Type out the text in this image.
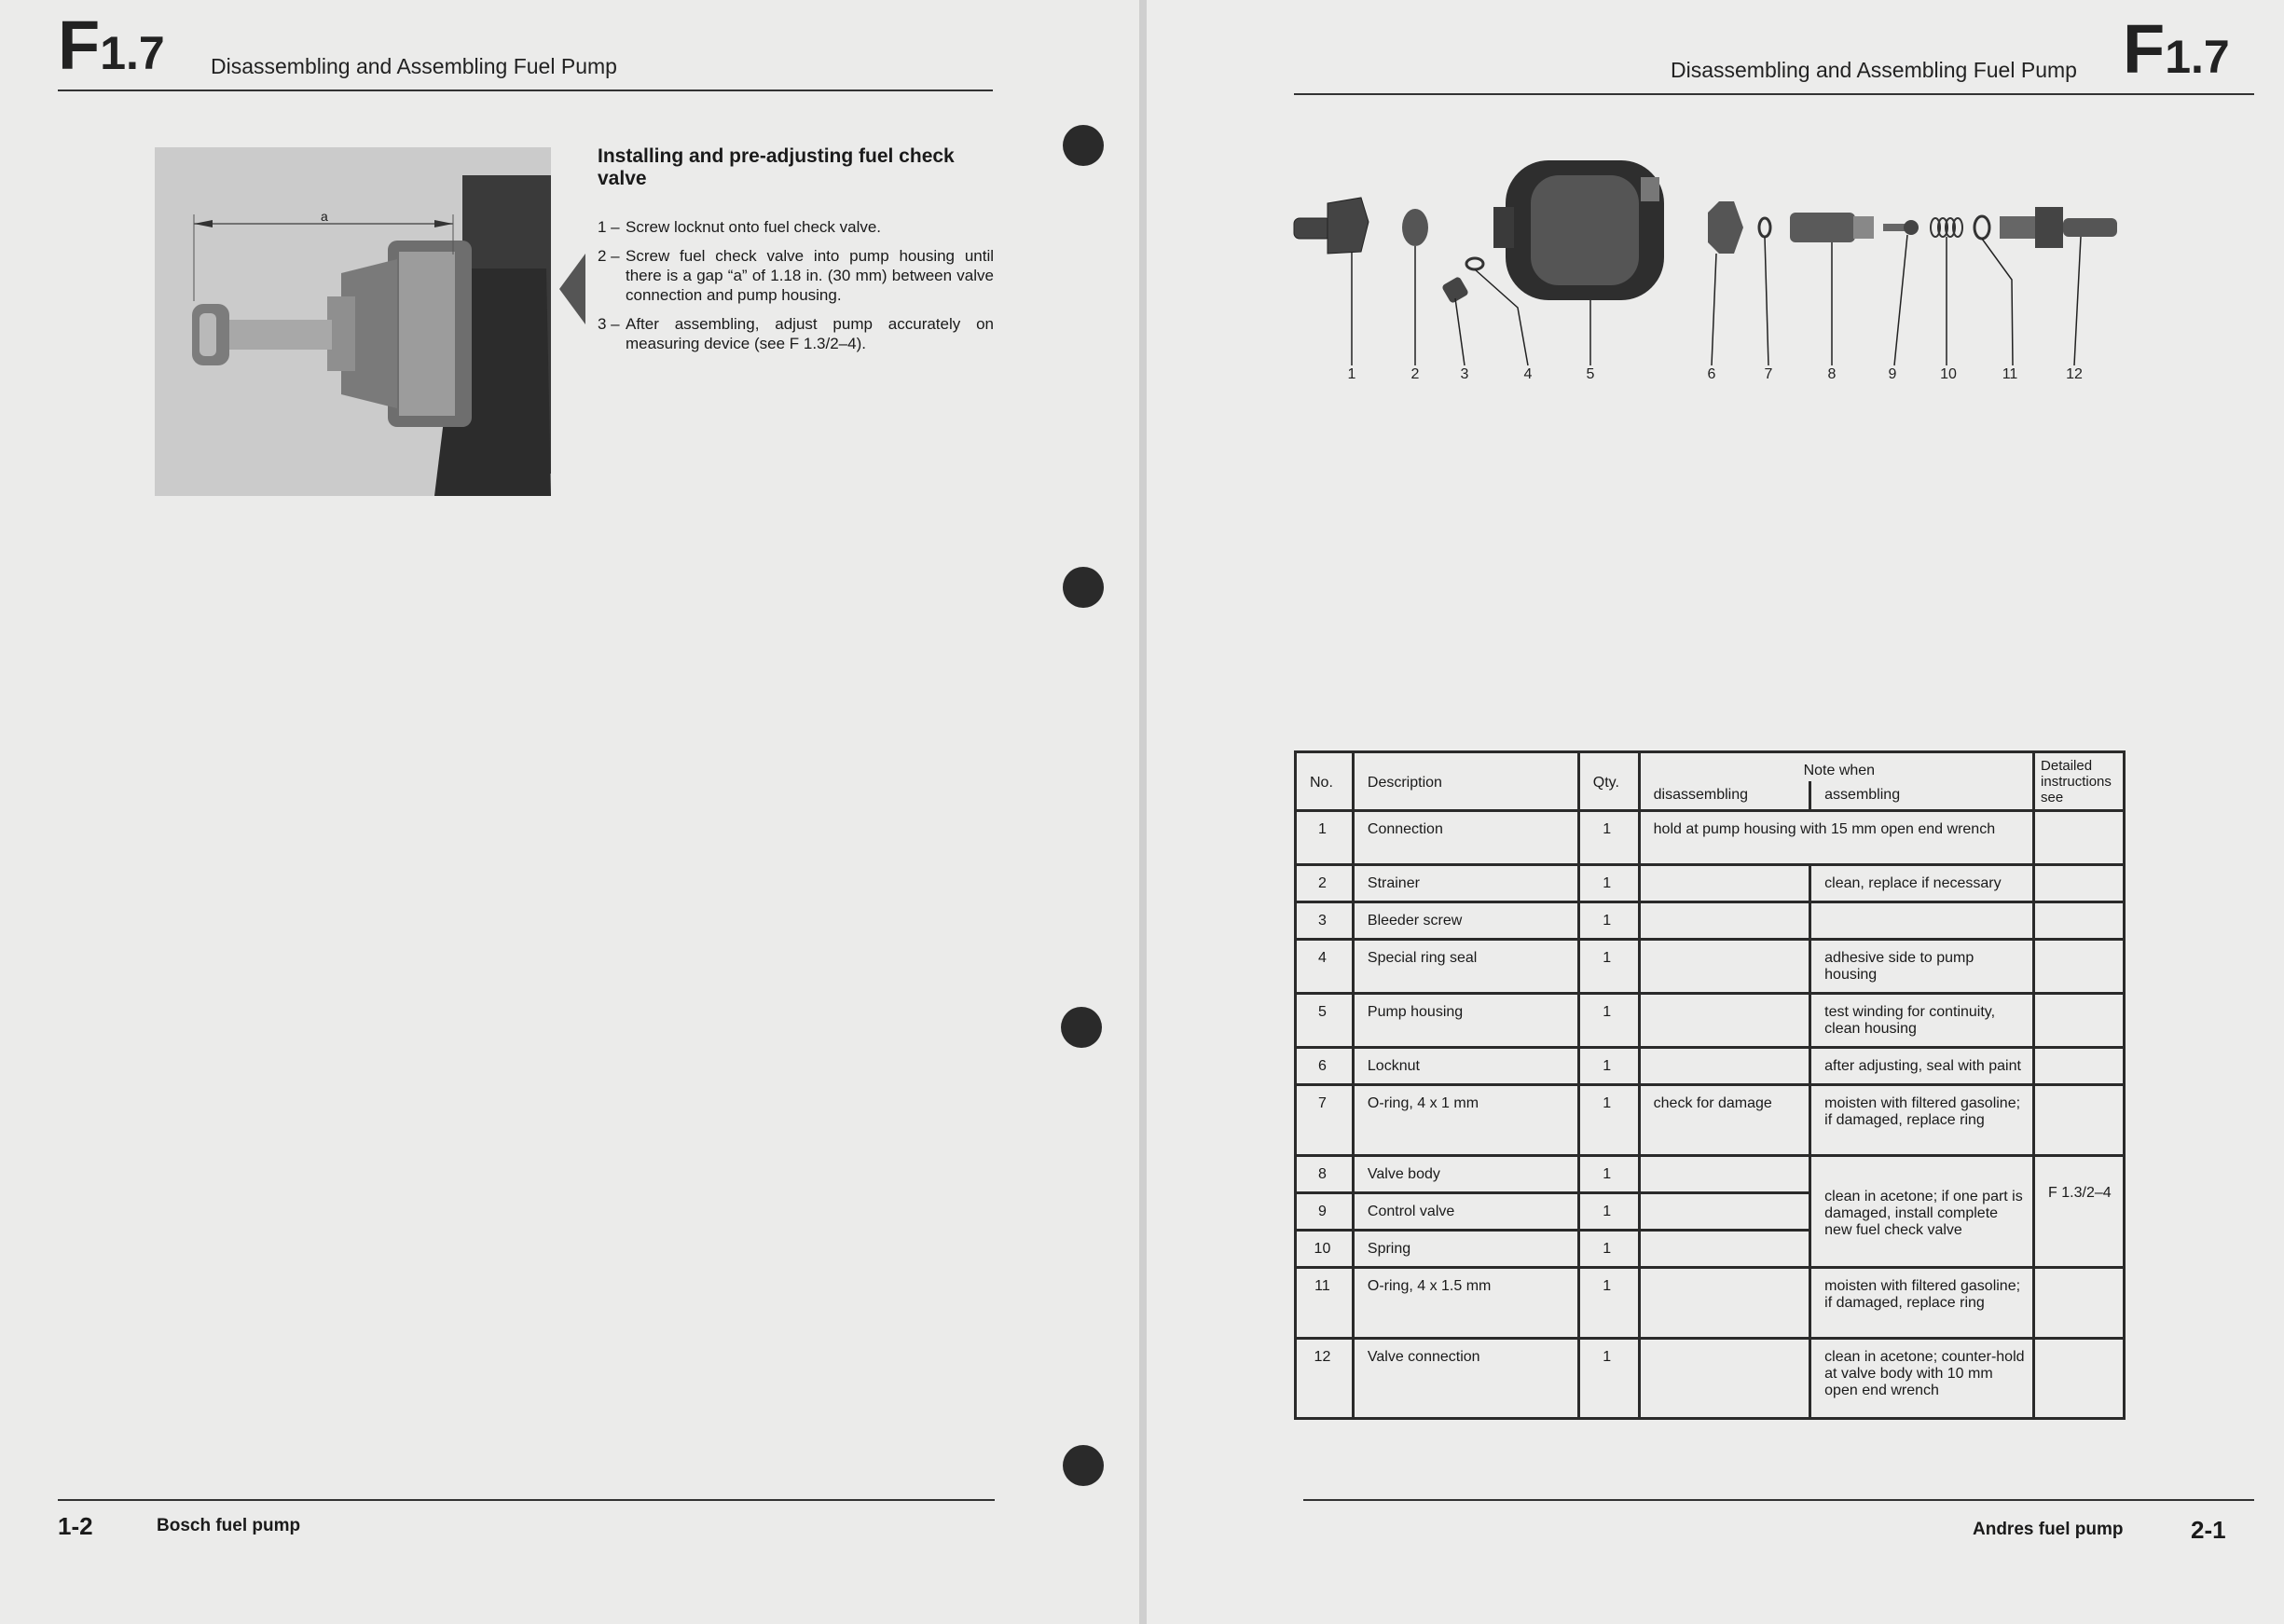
F1.7 Disassembling and Assembling Fuel Pump
a
Installing and pre-adjusting fuel check valve
1 – Screw locknut onto fuel check valve.
2 – Screw fuel check valve into pump housing until there is a gap “a” of 1.18 in. (30 mm) between valve connection and pump housing.
3 – After assembling, adjust pump accurately on measuring device (see F 1.3/2–4).
1-2	Bosch fuel pump
Disassembling and Assembling Fuel Pump F1.7
Andres fuel pump	2-1
1	2	3	4	5	6	7	8	9	10	11	12
No.	Description	Qty.	Note when		Detailed instructions see
			disassembling	assembling	
1	Connection	1	hold at pump housing with 15 mm open end wrench		
2	Strainer	1		clean, replace if necessary	
3	Bleeder screw	1			
4	Special ring seal	1		adhesive side to pump housing	
5	Pump housing	1		test winding for continuity, clean housing	
6	Locknut	1		after adjusting, seal with paint	
7	O-ring, 4 x 1 mm	1	check for damage	moisten with filtered gasoline; if damaged, replace ring	
8	Valve body	1		clean in acetone; if one part is damaged, install complete new fuel check valve	F 1.3/2–4
9	Control valve	1			
10	Spring	1			
11	O-ring, 4 x 1.5 mm	1		moisten with filtered gasoline; if damaged, replace ring	
12	Valve connection	1		clean in acetone; counter-hold at valve body with 10 mm open end wrench	
